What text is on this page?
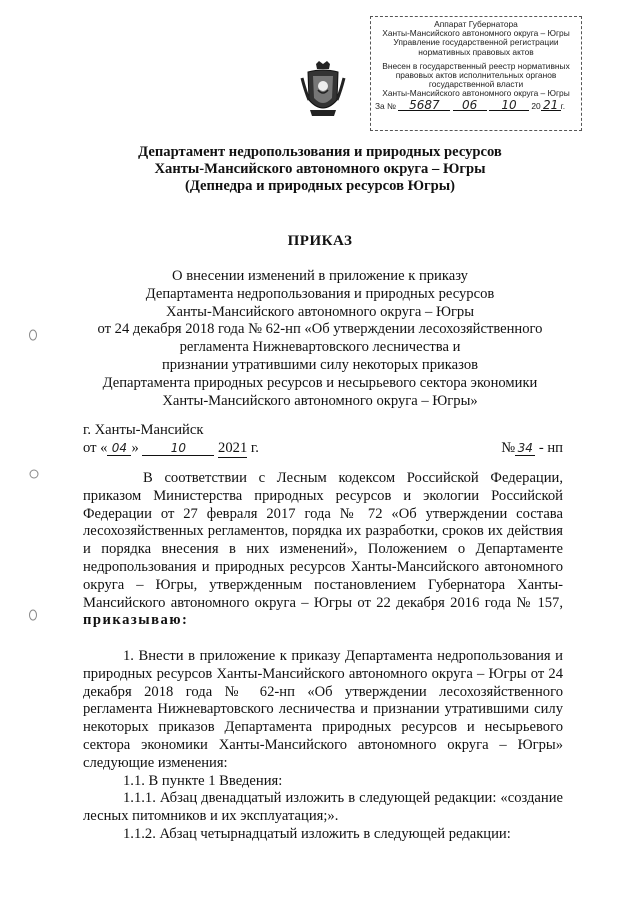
Аппарат Губернатора
Ханты-Мансийского автономного округа – Югры
Управление государственной регистрации
нормативных правовых актов
Внесен в государственный реестр нормативных
правовых актов исполнительных органов
государственной власти
Ханты-Мансийского автономного округа – Югры
За № 5687 06 10 20 21 г.
Департамент недропользования и природных ресурсов
Ханты-Мансийского автономного округа – Югры
(Депнедра и природных ресурсов Югры)
ПРИКАЗ
О внесении изменений в приложение к приказу
Департамента недропользования и природных ресурсов
Ханты-Мансийского автономного округа – Югры
от 24 декабря 2018 года № 62-нп «Об утверждении лесохозяйственного
регламента Нижневартовского лесничества и
признании утратившими силу некоторых приказов
Департамента природных ресурсов и несырьевого сектора экономики
Ханты-Мансийского автономного округа – Югры»
г. Ханты-Мансийск
от « 04 »	10 2021 г.	№ 34 - нп
В соответствии с Лесным кодексом Российской Федерации, приказом Министерства природных ресурсов и экологии Российской Федерации от 27 февраля 2017 года № 72 «Об утверждении состава лесохозяйственных регламентов, порядка их разработки, сроков их действия и порядка внесения в них изменений», Положением о Департаменте недропользования и природных ресурсов Ханты-Мансийского автономного округа – Югры, утвержденным постановлением Губернатора Ханты-Мансийского автономного округа – Югры от 22 декабря 2016 года № 157, приказываю:
1. Внести в приложение к приказу Департамента недропользования и природных ресурсов Ханты-Мансийского автономного округа – Югры от 24 декабря 2018 года № 62-нп «Об утверждении лесохозяйственного регламента Нижневартовского лесничества и признании утратившими силу некоторых приказов Департамента природных ресурсов и несырьевого сектора экономики Ханты-Мансийского автономного округа – Югры» следующие изменения:
1.1. В пункте 1 Введения:
1.1.1. Абзац двенадцатый изложить в следующей редакции: «создание лесных питомников и их эксплуатация;».
1.1.2. Абзац четырнадцатый изложить в следующей редакции:
